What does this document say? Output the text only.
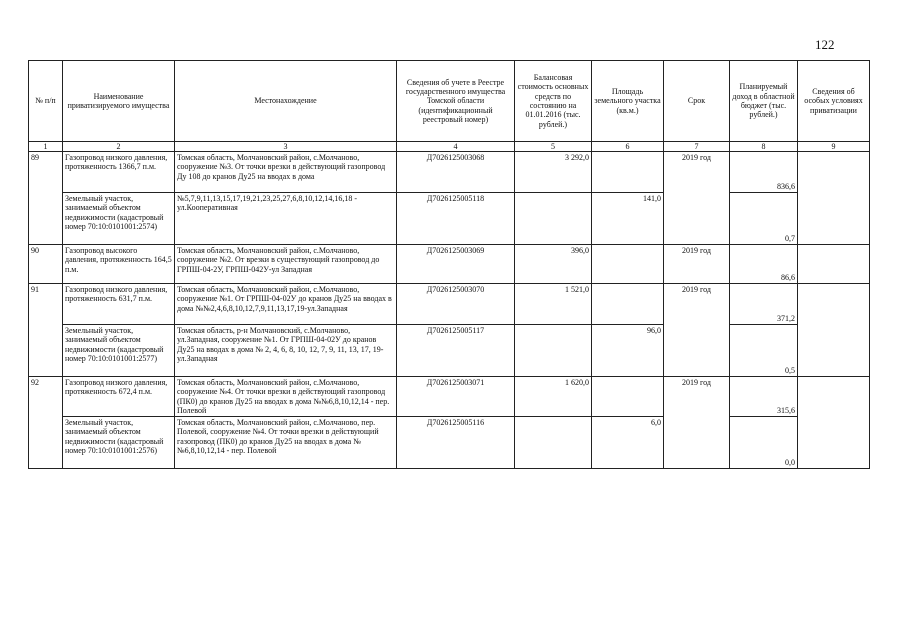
122
№ п/п	Наименование приватизируемого имущества	Местонахождение	Сведения об учете в Реестре государственного имущества Томской области (идентификационный реестровый номер)	Балансовая стоимость основных средств по состоянию на 01.01.2016 (тыс. рублей.)	Площадь земельного участка (кв.м.)	Срок	Планируемый доход в областной бюджет (тыс. рублей.)	Сведения об особых условиях приватизации
1	2	3	4	5	6	7	8	9
89	Газопровод низкого давления, протяженность 1366,7 п.м.	Томская область, Молчановский район, с.Молчаново, сооружение №3. От точки врезки в действующий газопровод Ду 108 до кранов Ду25 на вводах в дома	Д7026125003068	3 292,0		2019 год	836,6	
	Земельный участок, занимаемый объектом недвижимости (кадастровый номер 70:10:0101001:2574)	№5,7,9,11,13,15,17,19,21,23,25,27,6,8,10,12,14,16,18 - ул.Кооперативная	Д7026125005118		141,0		0,7	
90	Газопровод высокого давления, протяженность 164,5 п.м.	Томская область, Молчановский район, с.Молчаново, сооружение №2. От врезки в существующий газопровод до ГРПШ-04-2У, ГРПШ-042У-ул Западная	Д7026125003069	396,0		2019 год	86,6	
91	Газопровод низкого давления, протяженность 631,7 п.м.	Томская область, Молчановский район, с.Молчаново, сооружение №1. От ГРПШ-04-02У до кранов Ду25 на вводах в дома №№2,4,6,8,10,12,7,9,11,13,17,19-ул.Западная	Д7026125003070	1 521,0		2019 год	371,2	
	Земельный участок, занимаемый объектом недвижимости (кадастровый номер 70:10:0101001:2577)	Томская область, р-н Молчановский, с.Молчаново, ул.Западная, сооружение №1. От ГРПШ-04-02У до кранов Ду25 на вводах в дома № 2, 4, 6, 8, 10, 12, 7, 9, 11, 13, 17, 19-ул.Западная	Д7026125005117		96,0		0,5	
92	Газопровод низкого давления, протяженность 672,4 п.м.	Томская область, Молчановский район, с.Молчаново, сооружение №4. От точки врезки в действующий газопровод (ПК0) до кранов Ду25 на вводах в дома №№6,8,10,12,14 - пер. Полевой	Д7026125003071	1 620,0		2019 год	315,6	
	Земельный участок, занимаемый объектом недвижимости (кадастровый номер 70:10:0101001:2576)	Томская область, Молчановский район, с.Молчаново, пер. Полевой, сооружение №4. От точки врезки в действующий газопровод (ПК0) до кранов Ду25 на вводах в дома №№6,8,10,12,14 - пер. Полевой	Д7026125005116		6,0		0,0	
